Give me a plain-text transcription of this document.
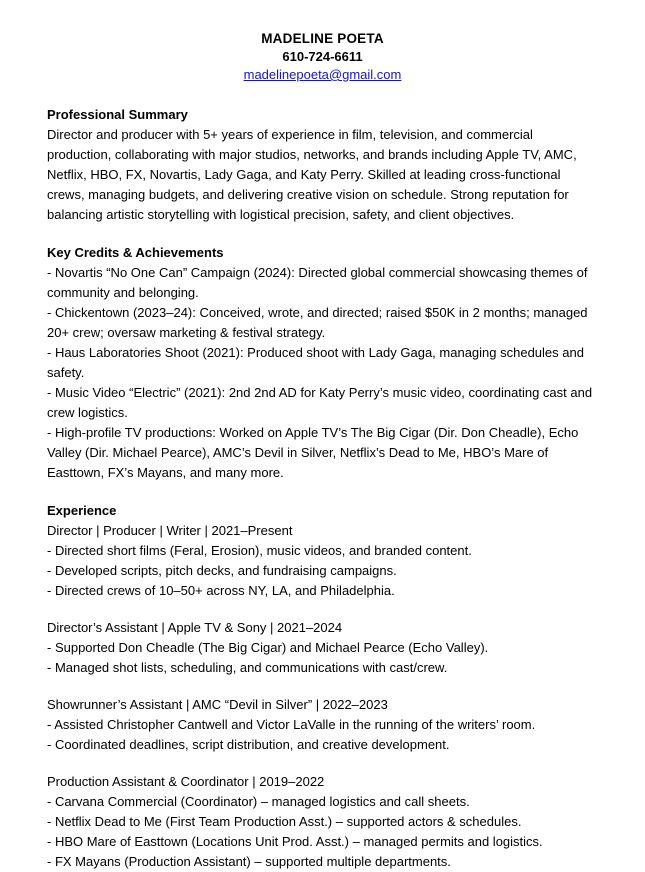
MADELINE POETA
610-724-6611
madelinepoeta@gmail.com
Professional Summary
Director and producer with 5+ years of experience in film, television, and commercial production, collaborating with major studios, networks, and brands including Apple TV, AMC, Netflix, HBO, FX, Novartis, Lady Gaga, and Katy Perry. Skilled at leading cross-functional crews, managing budgets, and delivering creative vision on schedule. Strong reputation for balancing artistic storytelling with logistical precision, safety, and client objectives.
Key Credits & Achievements
- Novartis “No One Can” Campaign (2024): Directed global commercial showcasing themes of community and belonging.
- Chickentown (2023–24): Conceived, wrote, and directed; raised $50K in 2 months; managed 20+ crew; oversaw marketing & festival strategy.
- Haus Laboratories Shoot (2021): Produced shoot with Lady Gaga, managing schedules and safety.
- Music Video “Electric” (2021): 2nd 2nd AD for Katy Perry’s music video, coordinating cast and crew logistics.
- High-profile TV productions: Worked on Apple TV’s The Big Cigar (Dir. Don Cheadle), Echo Valley (Dir. Michael Pearce), AMC’s Devil in Silver, Netflix’s Dead to Me, HBO’s Mare of Easttown, FX’s Mayans, and many more.
Experience
Director | Producer | Writer | 2021–Present
- Directed short films (Feral, Erosion), music videos, and branded content.
- Developed scripts, pitch decks, and fundraising campaigns.
- Directed crews of 10–50+ across NY, LA, and Philadelphia.
Director’s Assistant | Apple TV & Sony | 2021–2024
- Supported Don Cheadle (The Big Cigar) and Michael Pearce (Echo Valley).
- Managed shot lists, scheduling, and communications with cast/crew.
Showrunner’s Assistant | AMC “Devil in Silver” | 2022–2023
- Assisted Christopher Cantwell and Victor LaValle in the running of the writers’ room.
- Coordinated deadlines, script distribution, and creative development.
Production Assistant & Coordinator | 2019–2022
- Carvana Commercial (Coordinator) – managed logistics and call sheets.
- Netflix Dead to Me (First Team Production Asst.) – supported actors & schedules.
- HBO Mare of Easttown (Locations Unit Prod. Asst.) – managed permits and logistics.
- FX Mayans (Production Assistant) – supported multiple departments.
